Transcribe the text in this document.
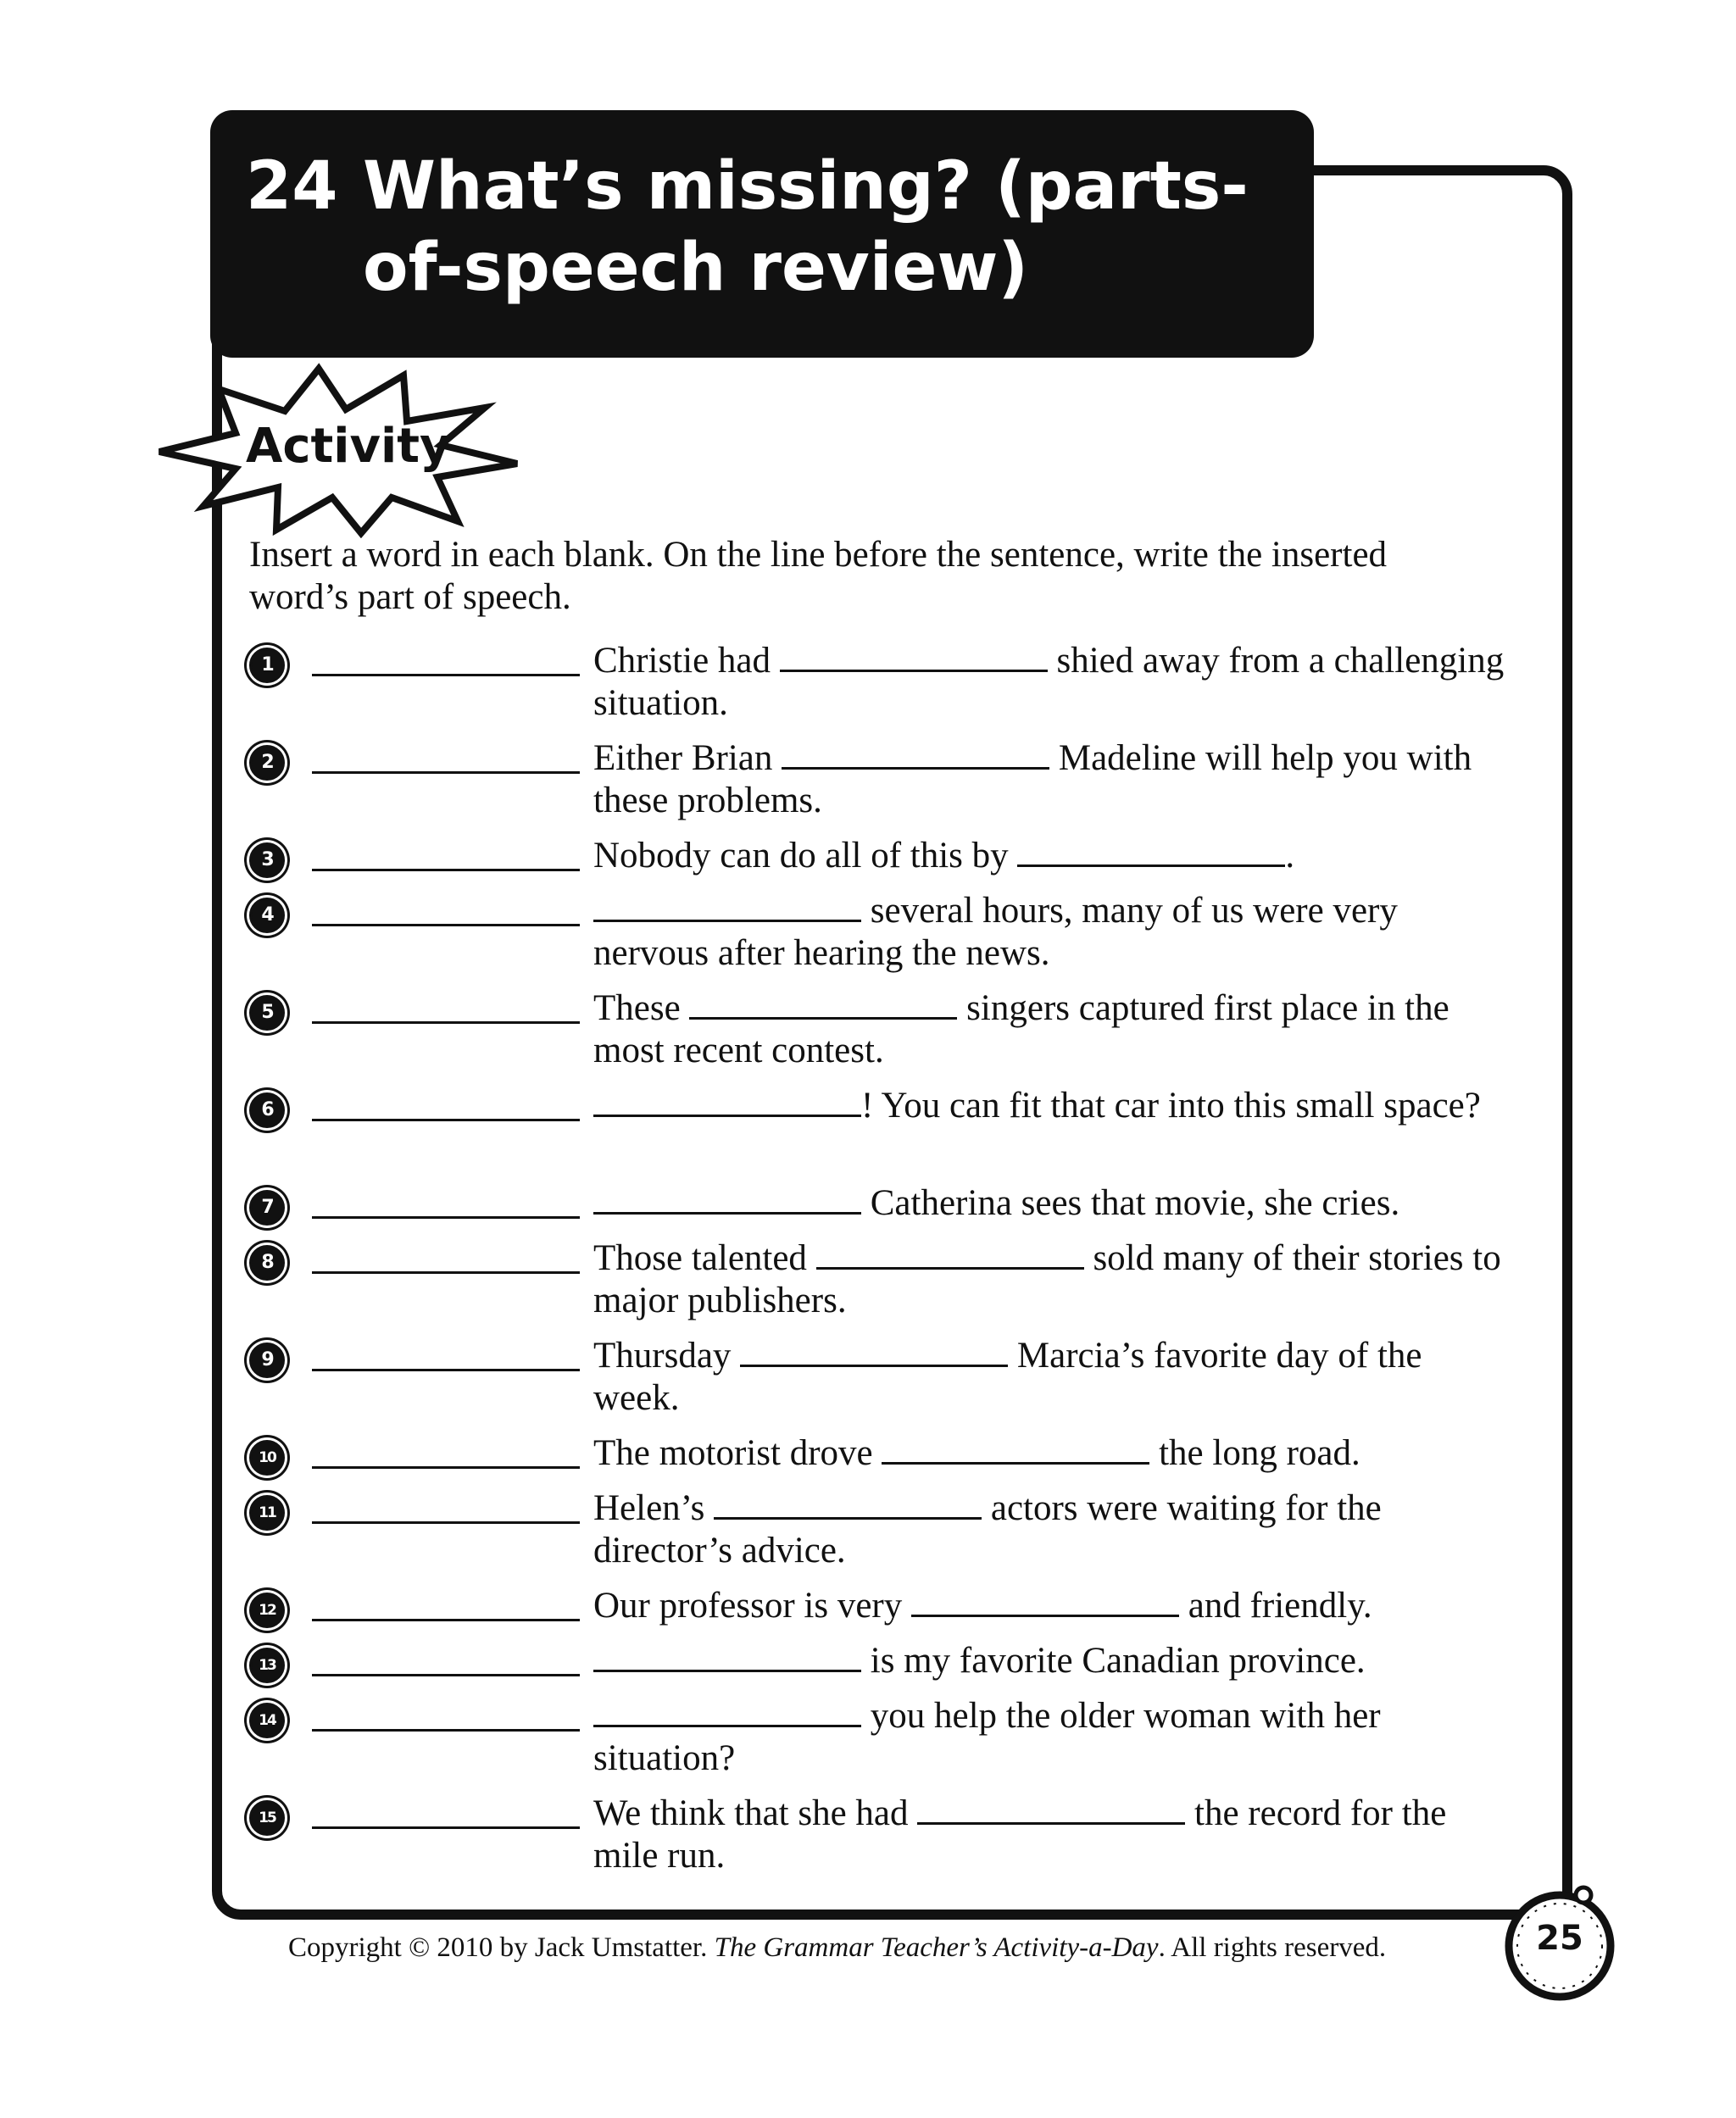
24 What’s missing? (parts-of-speech review)
Activity
Insert a word in each blank. On the line before the sentence, write the inserted word’s part of speech.
1	Christie had	shied away from a challenging situation.
2	Either Brian	Madeline will help you with these problems.
3	Nobody can do all of this by	.
4	several hours, many of us were very nervous after hearing the news.
5	These	singers captured first place in the most recent contest.
6	! You can fit that car into this small space?
7	Catherina sees that movie, she cries.
8	Those talented	sold many of their stories to major publishers.
9	Thursday	Marcia’s favorite day of the week.
10	The motorist drove	the long road.
11	Helen’s	actors were waiting for the director’s advice.
12	Our professor is very	and friendly.
13	is my favorite Canadian province.
14	you help the older woman with her situation?
15	We think that she had	the record for the mile run.
Copyright © 2010 by Jack Umstatter. The Grammar Teacher’s Activity-a-Day. All rights reserved.	25
